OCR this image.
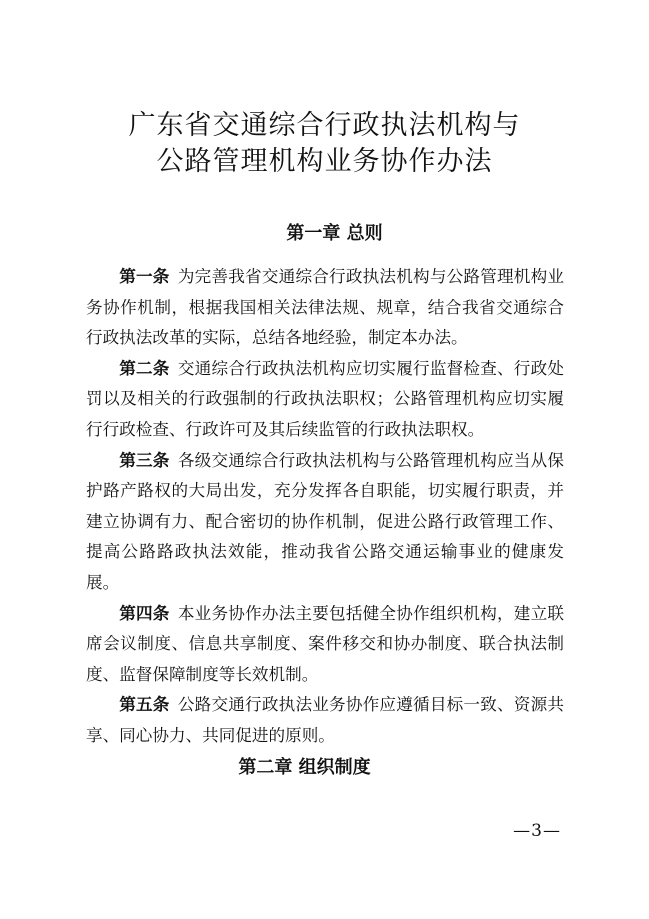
广东省交通综合行政执法机构与
公路管理机构业务协作办法
第一章 总则

第一条 为完善我省交通综合行政执法机构与公路管理机构业务协作机制，根据我国相关法律法规、规章，结合我省交通综合行政执法改革的实际，总结各地经验，制定本办法。

第二条 交通综合行政执法机构应切实履行监督检查、行政处罚以及相关的行政强制的行政执法职权；公路管理机构应切实履行行政检查、行政许可及其后续监管的行政执法职权。

第三条 各级交通综合行政执法机构与公路管理机构应当从保护路产路权的大局出发，充分发挥各自职能，切实履行职责，并建立协调有力、配合密切的协作机制，促进公路行政管理工作、提高公路路政执法效能，推动我省公路交通运输事业的健康发展。

第四条 本业务协作办法主要包括健全协作组织机构，建立联席会议制度、信息共享制度、案件移交和协办制度、联合执法制度、监督保障制度等长效机制。

第五条 公路交通行政执法业务协作应遵循目标一致、资源共享、同心协力、共同促进的原则。

第二章 组织制度
—3—
